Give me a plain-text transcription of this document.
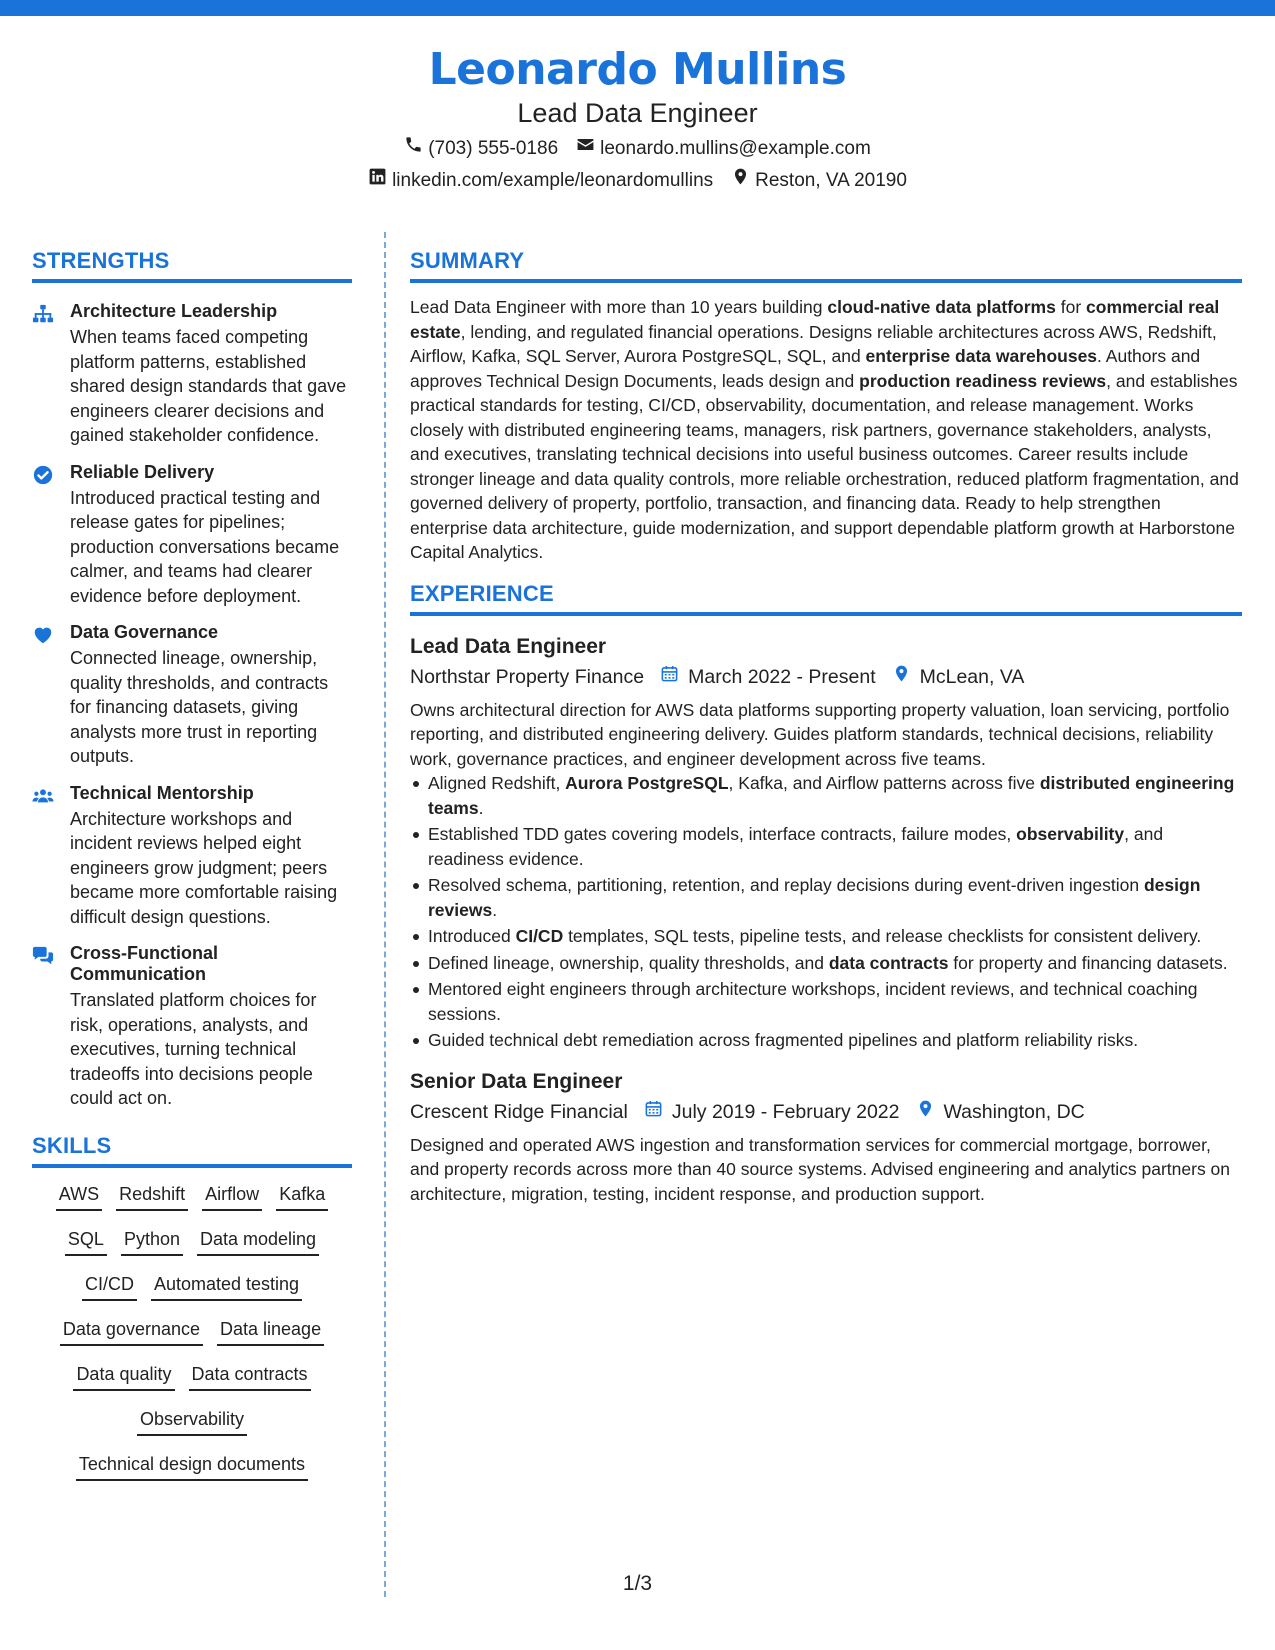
Leonardo Mullins
Lead Data Engineer
(703) 555-0186 leonardo.mullins@example.com
linkedin.com/example/leonardomullins Reston, VA 20190
STRENGTHS
Architecture Leadership
When teams faced competing platform patterns, established shared design standards that gave engineers clearer decisions and gained stakeholder confidence.
Reliable Delivery
Introduced practical testing and release gates for pipelines; production conversations became calmer, and teams had clearer evidence before deployment.
Data Governance
Connected lineage, ownership, quality thresholds, and contracts for financing datasets, giving analysts more trust in reporting outputs.
Technical Mentorship
Architecture workshops and incident reviews helped eight engineers grow judgment; peers became more comfortable raising difficult design questions.
Cross-Functional Communication
Translated platform choices for risk, operations, analysts, and executives, turning technical tradeoffs into decisions people could act on.
SKILLS
AWS Redshift Airflow Kafka
SQL Python Data modeling
CI/CD Automated testing
Data governance Data lineage
Data quality Data contracts
Observability
Technical design documents
SUMMARY
Lead Data Engineer with more than 10 years building cloud-native data platforms for commercial real estate, lending, and regulated financial operations. Designs reliable architectures across AWS, Redshift, Airflow, Kafka, SQL Server, Aurora PostgreSQL, SQL, and enterprise data warehouses. Authors and approves Technical Design Documents, leads design and production readiness reviews, and establishes practical standards for testing, CI/CD, observability, documentation, and release management. Works closely with distributed engineering teams, managers, risk partners, governance stakeholders, analysts, and executives, translating technical decisions into useful business outcomes. Career results include stronger lineage and data quality controls, more reliable orchestration, reduced platform fragmentation, and governed delivery of property, portfolio, transaction, and financing data. Ready to help strengthen enterprise data architecture, guide modernization, and support dependable platform growth at Harborstone Capital Analytics.
EXPERIENCE
Lead Data Engineer
Northstar Property Finance March 2022 - Present McLean, VA
Owns architectural direction for AWS data platforms supporting property valuation, loan servicing, portfolio reporting, and distributed engineering delivery. Guides platform standards, technical decisions, reliability work, governance practices, and engineer development across five teams.
Aligned Redshift, Aurora PostgreSQL, Kafka, and Airflow patterns across five distributed engineering teams.
Established TDD gates covering models, interface contracts, failure modes, observability, and readiness evidence.
Resolved schema, partitioning, retention, and replay decisions during event-driven ingestion design reviews.
Introduced CI/CD templates, SQL tests, pipeline tests, and release checklists for consistent delivery.
Defined lineage, ownership, quality thresholds, and data contracts for property and financing datasets.
Mentored eight engineers through architecture workshops, incident reviews, and technical coaching sessions.
Guided technical debt remediation across fragmented pipelines and platform reliability risks.
Senior Data Engineer
Crescent Ridge Financial July 2019 - February 2022 Washington, DC
Designed and operated AWS ingestion and transformation services for commercial mortgage, borrower, and property records across more than 40 source systems. Advised engineering and analytics partners on architecture, migration, testing, incident response, and production support.
1/3
